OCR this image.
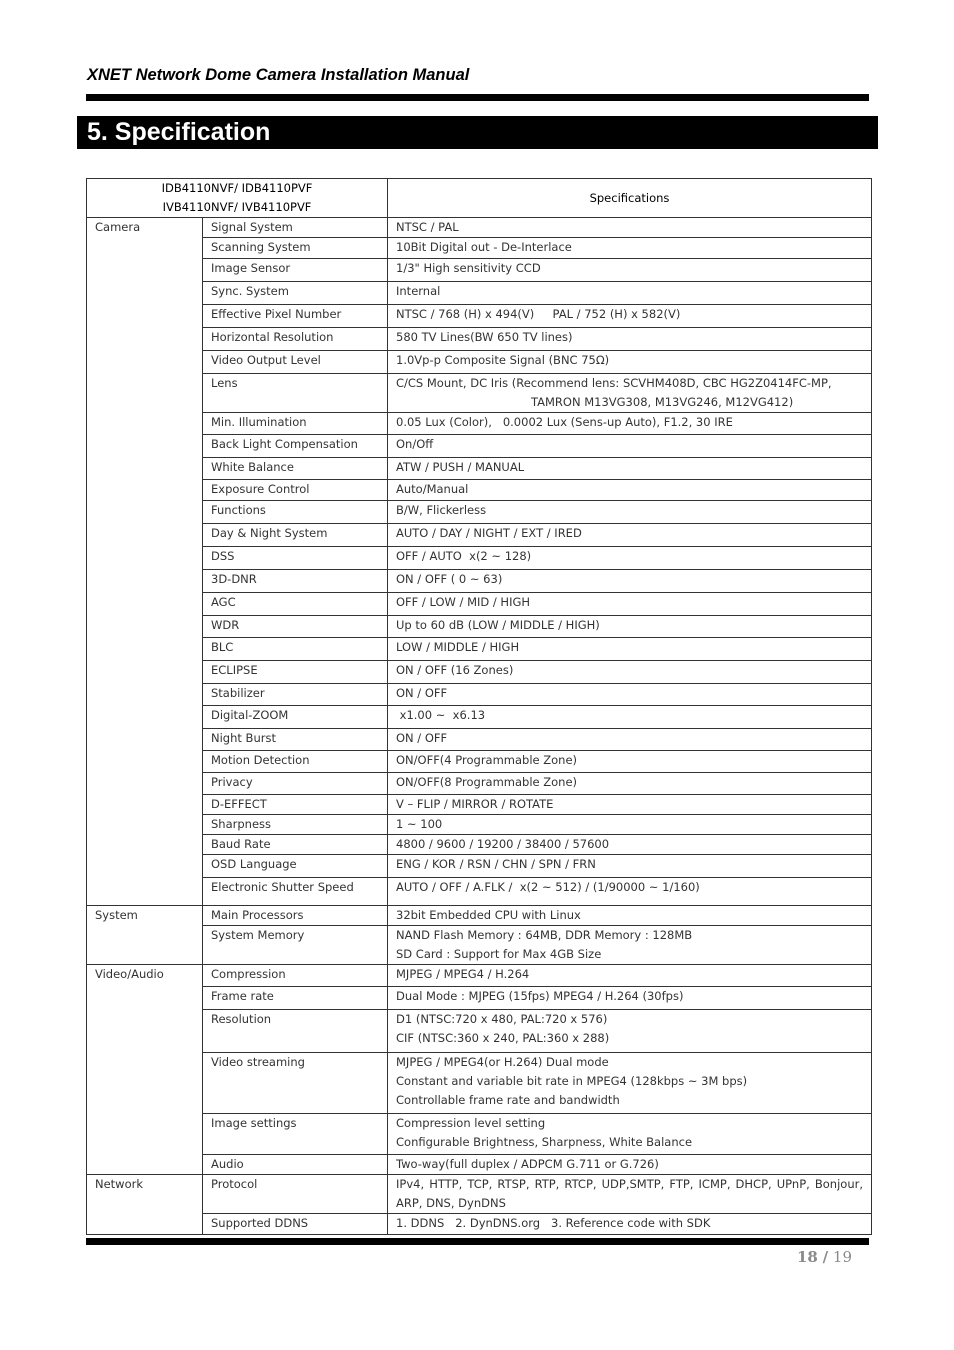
XNET Network Dome Camera Installation Manual
5. Specification
IDB4110NVF/ IDB4110PVF
IVB4110NVF/ IVB4110PVF		Specifications
Camera	Signal System	NTSC / PAL

	Scanning System	10Bit Digital out - De-Interlace

	Image Sensor	1/3" High sensitivity CCD

	Sync. System	Internal

	Effective Pixel Number	NTSC / 768 (H) x 494(V)     PAL / 752 (H) x 582(V)

	Horizontal Resolution	580 TV Lines(BW 650 TV lines)

	Video Output Level	1.0Vp-p Composite Signal (BNC 75Ω)

	Lens	C/CS Mount, DC Iris (Recommend lens: SCVHM408D, CBC HG2Z0414FC-MP,
TAMRON M13VG308, M13VG246, M12VG412)

	Min. Illumination	0.05 Lux (Color),   0.0002 Lux (Sens-up Auto), F1.2, 30 IRE

	Back Light Compensation	On/Off

	White Balance	ATW / PUSH / MANUAL

	Exposure Control	Auto/Manual

	Functions	B/W, Flickerless

	Day & Night System	AUTO / DAY / NIGHT / EXT / IRED

	DSS	OFF / AUTO  ⅹ(2 ~ 128)

	3D-DNR	ON / OFF ( 0 ~ 63)

	AGC	OFF / LOW / MID / HIGH

	WDR	Up to 60 dB (LOW / MIDDLE / HIGH)

	BLC	LOW / MIDDLE / HIGH

	ECLIPSE	ON / OFF (16 Zones)

	Stabilizer	ON / OFF

	Digital-ZOOM	ⅹ1.00 ~  ⅹ6.13

	Night Burst	ON / OFF

	Motion Detection	ON/OFF(4 Programmable Zone)

	Privacy	ON/OFF(8 Programmable Zone)

	D-EFFECT	V – FLIP / MIRROR / ROTATE

	Sharpness	1 ~ 100

	Baud Rate	4800 / 9600 / 19200 / 38400 / 57600

	OSD Language	ENG / KOR / RSN / CHN / SPN / FRN

	Electronic Shutter Speed	AUTO / OFF / A.FLK /  ⅹ(2 ~ 512) / (1/90000 ~ 1/160)

System	Main Processors	32bit Embedded CPU with Linux

	System Memory	NAND Flash Memory : 64MB, DDR Memory : 128MB
SD Card : Support for Max 4GB Size

Video/Audio	Compression	MJPEG / MPEG4 / H.264

	Frame rate	Dual Mode : MJPEG (15fps) MPEG4 / H.264 (30fps)

	Resolution	D1 (NTSC:720 x 480, PAL:720 x 576)
CIF (NTSC:360 x 240, PAL:360 x 288)

	Video streaming	MJPEG / MPEG4(or H.264) Dual mode
Constant and variable bit rate in MPEG4 (128kbps ~ 3M bps)
Controllable frame rate and bandwidth

	Image settings	Compression level setting
Configurable Brightness, Sharpness, White Balance

	Audio	Two-way(full duplex / ADPCM G.711 or G.726)

Network	Protocol	IPv4, HTTP, TCP, RTSP, RTP, RTCP, UDP,SMTP, FTP, ICMP, DHCP, UPnP, Bonjour,
ARP, DNS, DynDNS

	Supported DDNS	1. DDNS   2. DynDNS.org   3. Reference code with SDK
18 / 19
